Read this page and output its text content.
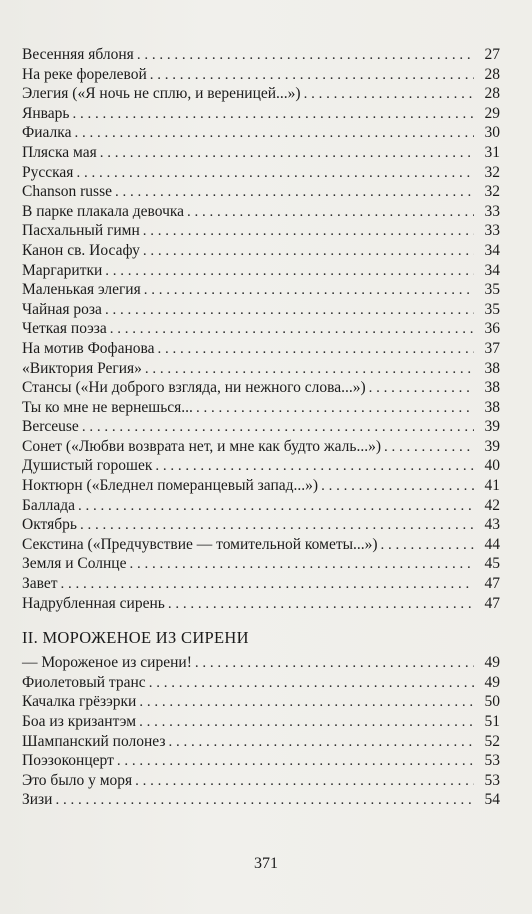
Весенняя яблоня . . .	27
На реке форелевой . . .	28
Элегия («Я ночь не сплю, и вереницей...») . . .	28
Январь . . .	29
Фиалка . . .	30
Пляска мая . . .	31
Русская . . .	32
Chanson russe . . .	32
В парке плакала девочка . . .	33
Пасхальный гимн . . .	33
Канон св. Иосафу . . .	34
Маргаритки . . .	34
Маленькая элегия . . .	35
Чайная роза . . .	35
Четкая поэза . . .	36
На мотив Фофанова . . .	37
«Виктория Регия» . . .	38
Стансы («Ни доброго взгляда, ни нежного слова...») . . .	38
Ты ко мне не вернешься... . . .	38
Berceuse . . .	39
Сонет («Любви возврата нет, и мне как будто жаль...») . . .	39
Душистый горошек . . .	40
Ноктюрн («Бледнел померанцевый запад...») . . .	41
Баллада . . .	42
Октябрь . . .	43
Секстина («Предчувствие — томительной кометы...») . . .	44
Земля и Солнце . . .	45
Завет . . .	47
Надрубленная сирень . . .	47
II. МОРОЖЕНОЕ ИЗ СИРЕНИ
— Мороженое из сирени! . . .	49
Фиолетовый транс . . .	49
Качалка грёзэрки . . .	50
Боа из кризантэм . . .	51
Шампанский полонез . . .	52
Поэзоконцерт . . .	53
Это было у моря . . .	53
Зизи . . .	54
371
